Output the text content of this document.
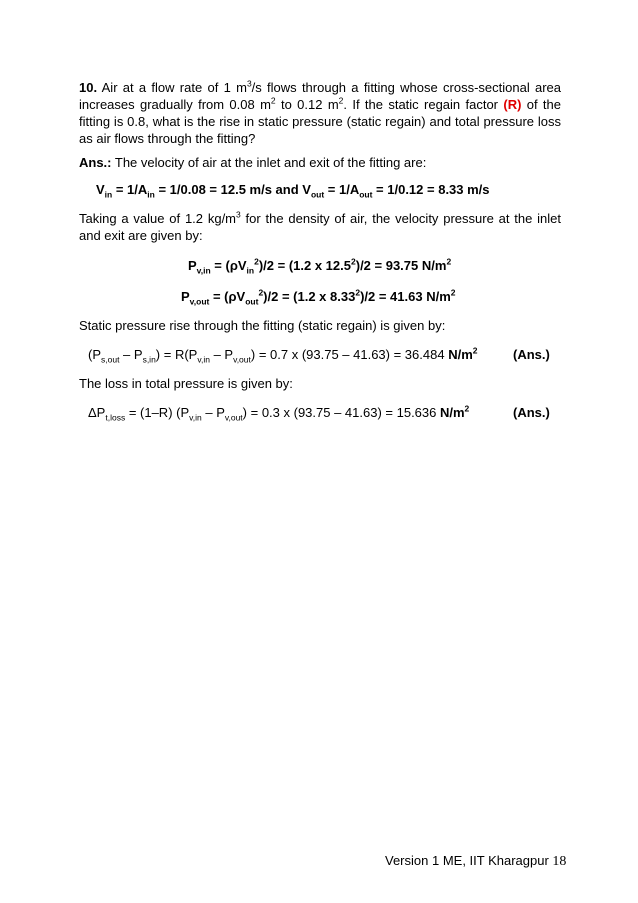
10. Air at a flow rate of 1 $m^3/s$ flows through a fitting whose cross-sectional area increases gradually from 0.08 $m^2$ to 0.12 $m^2$. If the static regain factor (R) of the fitting is 0.8, what is the rise in static pressure (static regain) and total pressure loss as air flows through the fitting?

Ans.: The velocity of air at the inlet and exit of the fitting are:

$V_{in} = 1/A_{in} = 1/0.08 = 12.5$ m/s and $V_{out} = 1/A_{out} = 1/0.12 = 8.33$ m/s

Taking a value of 1.2 $kg/m^3$ for the density of air, the velocity pressure at the inlet and exit are given by:

$P_{v,in} = (\rho V_{in}^2)/2 = (1.2$ x $12.5^2)/2 = 93.75$ $N/m^2$
$P_{v,out} = (\rho V_{out}^2)/2 = (1.2$ x $8.33^2)/2 = 41.63$ $N/m^2$

Static pressure rise through the fitting (static regain) is given by:

$(P_{s,out} - P_{s,in}) = R(P_{v,in} - P_{v,out}) = 0.7$ x (93.75 – 41.63) = 36.484 $N/m^2$	(Ans.)

The loss in total pressure is given by:

$\Delta P_{t,loss} = (1-R)$ $(P_{v,in} - P_{v,out}) = 0.3$ x (93.75 – 41.63) = 15.636 $N/m^2$	(Ans.)
Version 1 ME, IIT Kharagpur 18
